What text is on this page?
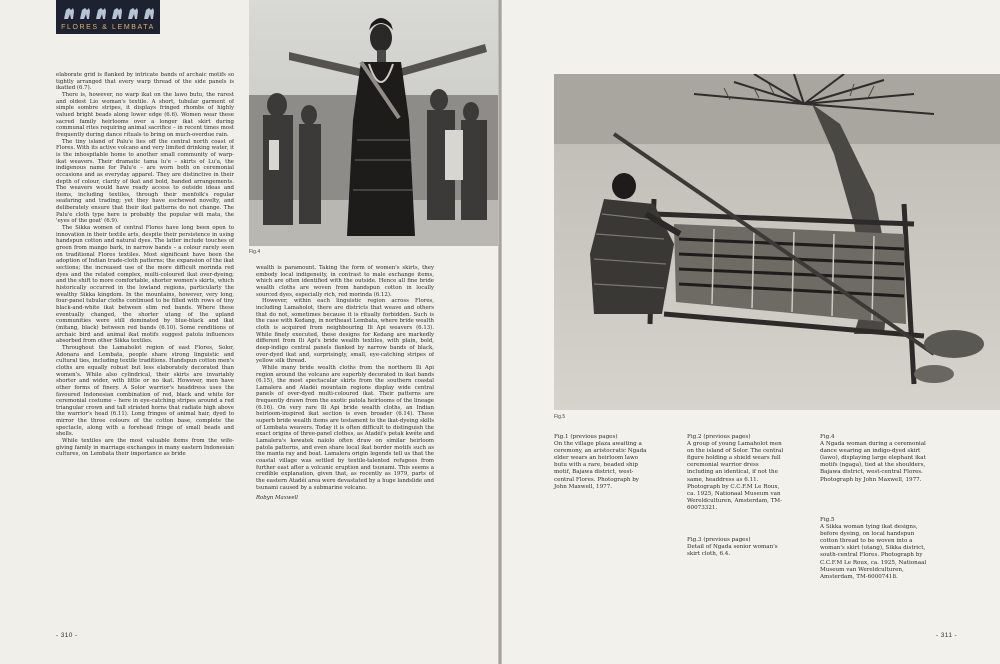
FLORES & LEMBATA

elaborate grid is flanked by intricate bands of archaic motifs so tightly arranged that every warp thread of the side panels is ikatted (6.7).

There is, however, no warp ikat on the lawo butu, the rarest and oldest Lio woman's textile. A short, tubular garment of simple sombre stripes, it displays fringed rhombs of highly valued bright beads along lower edge (6.6). Women wear these sacred family heirlooms over a longer ikat skirt during communal rites requiring animal sacrifice – in recent times most frequently during dance rituals to bring on much-overdue rain.

The tiny island of Palu'e lies off the central north coast of Flores. With its active volcano and very limited drinking water, it is the inhospitable home to another small community of warp-ikat weavers. Their dramatic tama lu'e – skirts of Lu'a, the indigenous name for Palu'e – are worn both on ceremonial occasions and as everyday apparel. They are distinctive in their depth of colour, clarity of ikat and bold, banded arrangements. The weavers would have ready access to outside ideas and items, including textiles, through their menfolk's regular seafaring and trading; yet they have eschewed novelty, and deliberately ensure that their ikat patterns do not change. The Palu'e cloth type here is probably the popular wili mata, the 'eyes of the goat' (6.9).

The Sikka women of central Flores have long been open to innovation in their textile arts, despite their persistence in using handspun cotton and natural dyes. The latter include touches of green from mango bark, in narrow bands – a colour rarely seen on traditional Flores textiles. Most significant have been the adoption of Indian trade-cloth patterns; the expansion of the ikat sections; the increased use of the more difficult morinda red dyes and the related complex, multi-coloured ikat over-dyeing; and the shift to more comfortable, shorter women's skirts, which historically occurred in the lowland regions, particularly the wealthy Sikka kingdom. In the mountains, however, very long, four-panel tubular cloths continued to be filled with rows of tiny black-and-white ikat between slim red bands. Where these eventually changed, the shorter utang of the upland communities were still dominated by blue-black and ikat (mitang, black) between red bands (6.10). Some renditions of archaic bird and animal ikat motifs suggest patola influences absorbed from other Sikka textiles.

Throughout the Lamaholot region of east Flores, Solor, Adonara and Lembata, people share strong linguistic and cultural ties, including textile traditions. Handspun cotton men's cloths are equally robust but less elaborately decorated than women's. While also cylindrical, their skirts are invariably shorter and wider, with little or no ikat. However, men have other forms of finery. A Solor warrior's headdress uses the favoured Indonesian combination of red, black and white for ceremonial costume – here in eye-catching stripes around a red triangular crown and tall striated horns that radiate high above the warrior's head (6.11). Long fringes of animal hair, dyed to mirror the three colours of the cotton base, complete the spectacle, along with a forehead fringe of small beads and shells.

While textiles are the most valuable items from the wife-giving family in marriage exchanges in many eastern Indonesian cultures, on Lembata their importance as bride

Fig.4

wealth is paramount. Taking the form of women's skirts, they embody local indigeneity, in contrast to male exchange items, which are often identified with the outside. Hence all fine bride wealth cloths are woven from handspun cotton in locally sourced dyes, especially rich, red morinda (6.12).

However, within each linguistic region across Flores, including Lamaholot, there are districts that weave and others that do not, sometimes because it is ritually forbidden. Such is the case with Kedang, in northeast Lembata, where bride wealth cloth is acquired from neighbouring Ili Api weavers (6.13). While finely executed, these designs for Kedang are markedly different from Ili Api's bride wealth textiles, with plain, bold, deep-indigo central panels flanked by narrow bands of black, over-dyed ikat and, surprisingly, small, eye-catching stripes of yellow silk thread.

While many bride wealth cloths from the northern Ili Api region around the volcano are superbly decorated in ikat bands (6.15), the most spectacular skirts from the southern coastal Lamalera and Atadéi mountain regions display wide central panels of over-dyed multi-coloured ikat. Their patterns are frequently drawn from the exotic patola heirlooms of the lineage (6.16). On very rare Ili Api bride wealth cloths, an Indian heirloom-inspired ikat section is even broader (6.14). These superb bride wealth items are testament to the ikat-dyeing skills of Lembata weavers. Today it is often difficult to distinguish the exact origins of three-panel clothes, as Atadéi's petak kwéte and Lamalera's kewatek naiolo often draw on similar heirloom patola patterns, and even share local ikat border motifs such as the manta ray and boat. Lamalera origin legends tell us that the coastal village was settled by textile-talented refugees from further east after a volcanic eruption and tsunami. This seems a credible explanation, given that, as recently as 1979, parts of the eastern Atadéi area were devastated by a huge landslide and tsunami caused by a submarine volcano.

Robyn Maxwell

- 310 -
Fig.5
Fig.1 (previous pages)
On the village plaza awaiting a ceremony, an aristocratic Ngada elder wears an heirloom lawo butu with a rare, beaded ship motif, Bajawa district, west-central Flores. Photograph by John Maxwell, 1977.
Fig.2 (previous pages)
A group of young Lamaholot men on the island of Solor. The central figure holding a shield wears full ceremonial warrior dress including an identical, if not the same, headdress as 6.11. Photograph by C.C.F.M Le Roux, ca. 1925, Nationaal Museum van Wereldculturen, Amsterdam, TM-60073321.
Fig.3 (previous pages)
Detail of Ngada senior woman's skirt cloth, 6.4.
Fig.4
A Ngada woman during a ceremonial dance wearing an indigo-dyed skirt (lawo), displaying large elephant ikat motifs (ngaga), tied at the shoulders, Bajawa district, west-central Flores. Photograph by John Maxwell, 1977.
Fig.5
A Sikka woman tying ikat designs, before dyeing, on local handspun cotton thread to be woven into a woman's skirt (utang), Sikka district, south-central Flores. Photograph by C.C.F.M Le Roux, ca. 1925, Nationaal Museum van Wereldculturen, Amsterdam, TM-60007418.
- 311 -
